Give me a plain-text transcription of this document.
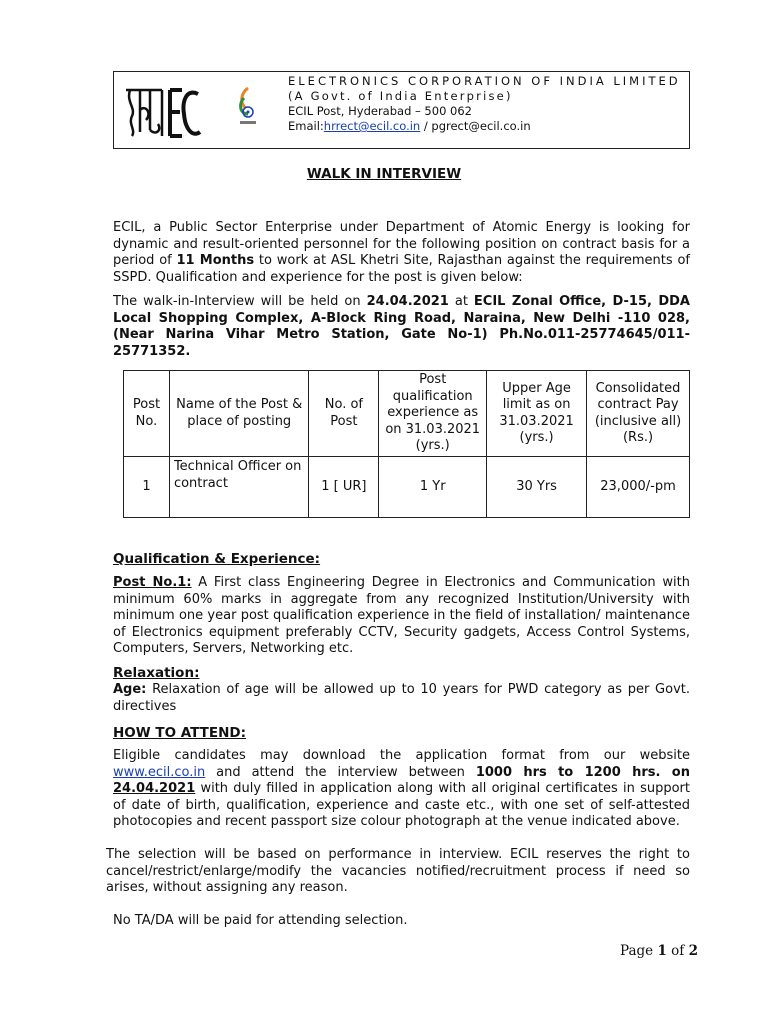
ELECTRONICS CORPORATION OF INDIA LIMITED
(A Govt. of India Enterprise)
ECIL Post, Hyderabad – 500 062
Email:hrrect@ecil.co.in / pgrect@ecil.co.in
WALK IN INTERVIEW
ECIL, a Public Sector Enterprise under Department of Atomic Energy is looking for dynamic and result-oriented personnel for the following position on contract basis for a period of 11 Months to work at ASL Khetri Site, Rajasthan against the requirements of SSPD. Qualification and experience for the post is given below:
The walk-in-Interview will be held on 24.04.2021 at ECIL Zonal Office, D-15, DDA Local Shopping Complex, A-Block Ring Road, Naraina, New Delhi -110 028, (Near Narina Vihar Metro Station, Gate No-1) Ph.No.011-25774645/011-25771352.
Post No.	Name of the Post & place of posting	No. of Post	Post qualification experience as on 31.03.2021 (yrs.)	Upper Age limit as on 31.03.2021 (yrs.)	Consolidated contract Pay (inclusive all) (Rs.)
1	Technical Officer on contract	1 [ UR]	1 Yr	30 Yrs	23,000/-pm
Qualification & Experience:
Post No.1: A First class Engineering Degree in Electronics and Communication with minimum 60% marks in aggregate from any recognized Institution/University with minimum one year post qualification experience in the field of installation/ maintenance of Electronics equipment preferably CCTV, Security gadgets, Access Control Systems, Computers, Servers, Networking etc.
Relaxation:
Age: Relaxation of age will be allowed up to 10 years for PWD category as per Govt. directives
HOW TO ATTEND:
Eligible candidates may download the application format from our website www.ecil.co.in and attend the interview between 1000 hrs to 1200 hrs. on 24.04.2021 with duly filled in application along with all original certificates in support of date of birth, qualification, experience and caste etc., with one set of self-attested photocopies and recent passport size colour photograph at the venue indicated above.
The selection will be based on performance in interview. ECIL reserves the right to cancel/restrict/enlarge/modify the vacancies notified/recruitment process if need so arises, without assigning any reason.
No TA/DA will be paid for attending selection.
Page 1 of 2
